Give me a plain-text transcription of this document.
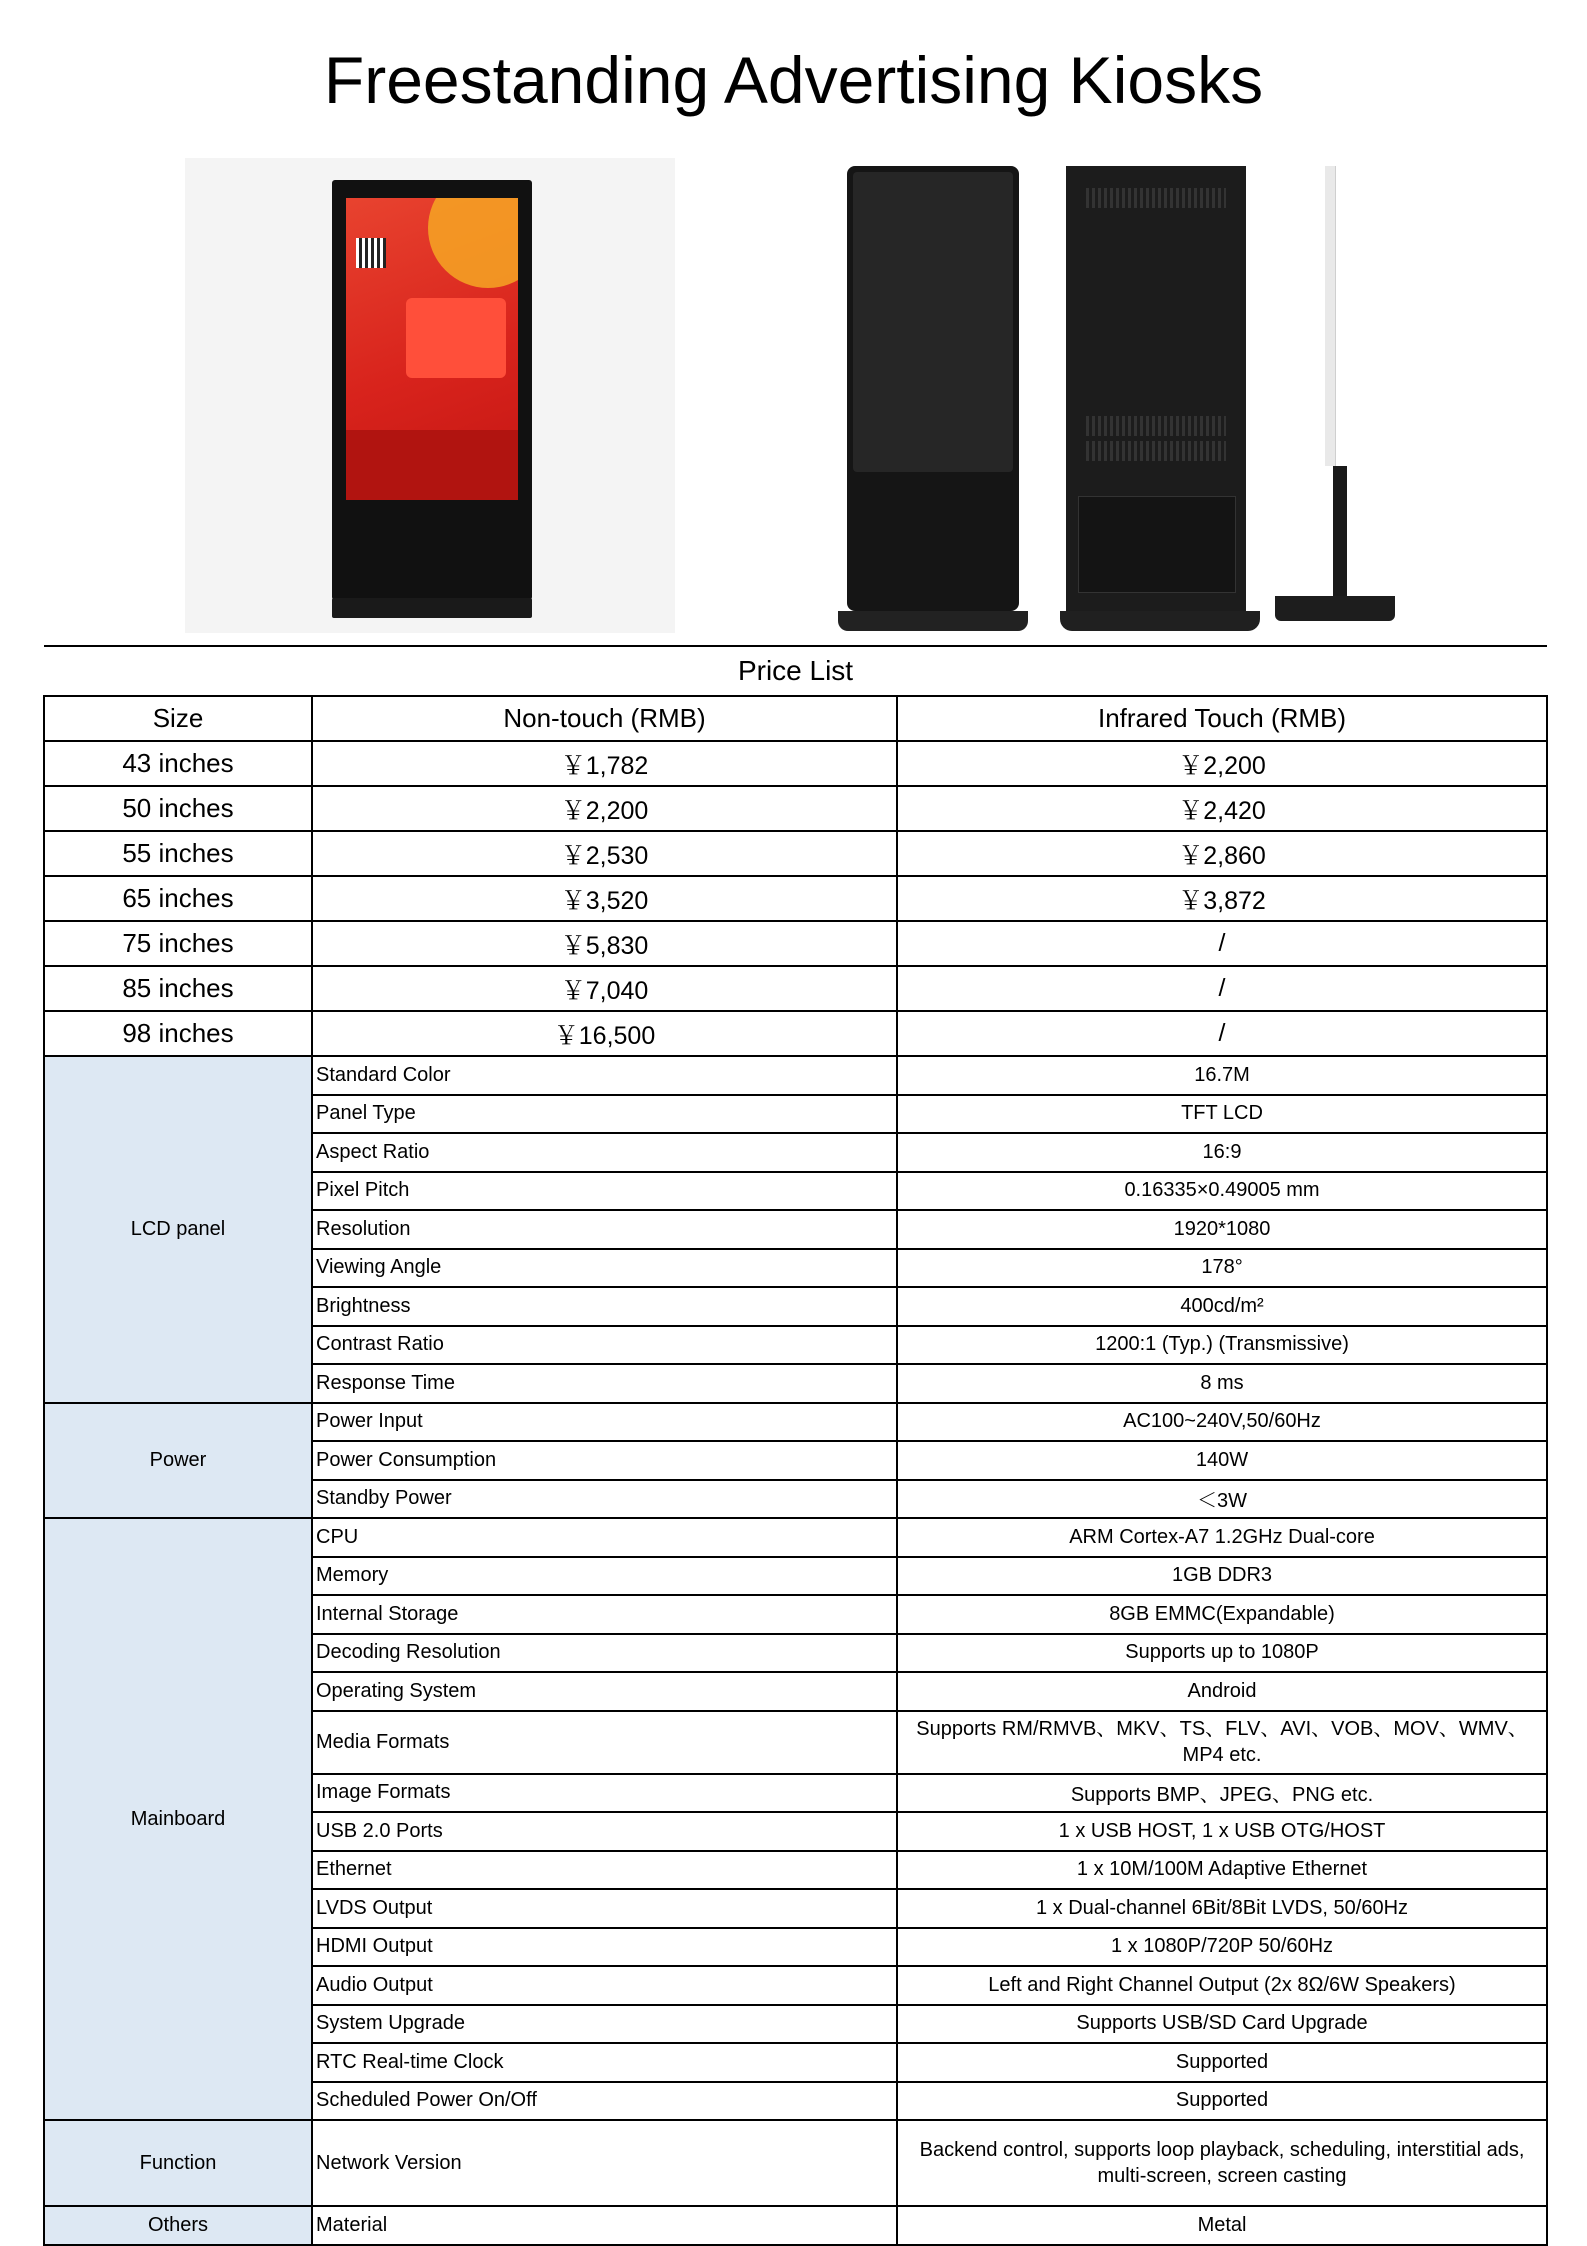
Freestanding Advertising Kiosks
Price List		
Size	Non-touch (RMB)	Infrared Touch (RMB)
43 inches	￥1,782	￥2,200
50 inches	￥2,200	￥2,420
55 inches	￥2,530	￥2,860
65 inches	￥3,520	￥3,872
75 inches	￥5,830	/
85 inches	￥7,040	/
98 inches	￥16,500	/
LCD panel	Standard Color	16.7M
	Panel Type	TFT LCD
	Aspect Ratio	16:9
	Pixel Pitch	0.16335×0.49005 mm
	Resolution	1920*1080
	Viewing Angle	178°
	Brightness	400cd/m²
	Contrast Ratio	1200:1 (Typ.) (Transmissive)
	Response Time	8 ms
Power	Power Input	AC100~240V,50/60Hz
	Power Consumption	140W
	Standby Power	＜3W
Mainboard	CPU	ARM Cortex-A7 1.2GHz Dual-core
	Memory	1GB DDR3
	Internal Storage	8GB EMMC(Expandable)
	Decoding Resolution	Supports up to 1080P
	Operating System	Android
	Media Formats	Supports RM/RMVB、MKV、TS、FLV、AVI、VOB、MOV、WMV、MP4 etc.
	Image Formats	Supports BMP、JPEG、PNG etc.
	USB 2.0 Ports	1 x USB HOST, 1 x USB OTG/HOST
	Ethernet	1 x 10M/100M Adaptive Ethernet
	LVDS Output	1 x Dual-channel 6Bit/8Bit LVDS, 50/60Hz
	HDMI Output	1 x 1080P/720P 50/60Hz
	Audio Output	Left and Right Channel Output (2x 8Ω/6W Speakers)
	System Upgrade	Supports USB/SD Card Upgrade
	RTC Real-time Clock	Supported
	Scheduled Power On/Off	Supported
Function	Network Version	Backend control, supports loop playback, scheduling, interstitial ads, multi-screen, screen casting
Others	Material	Metal
